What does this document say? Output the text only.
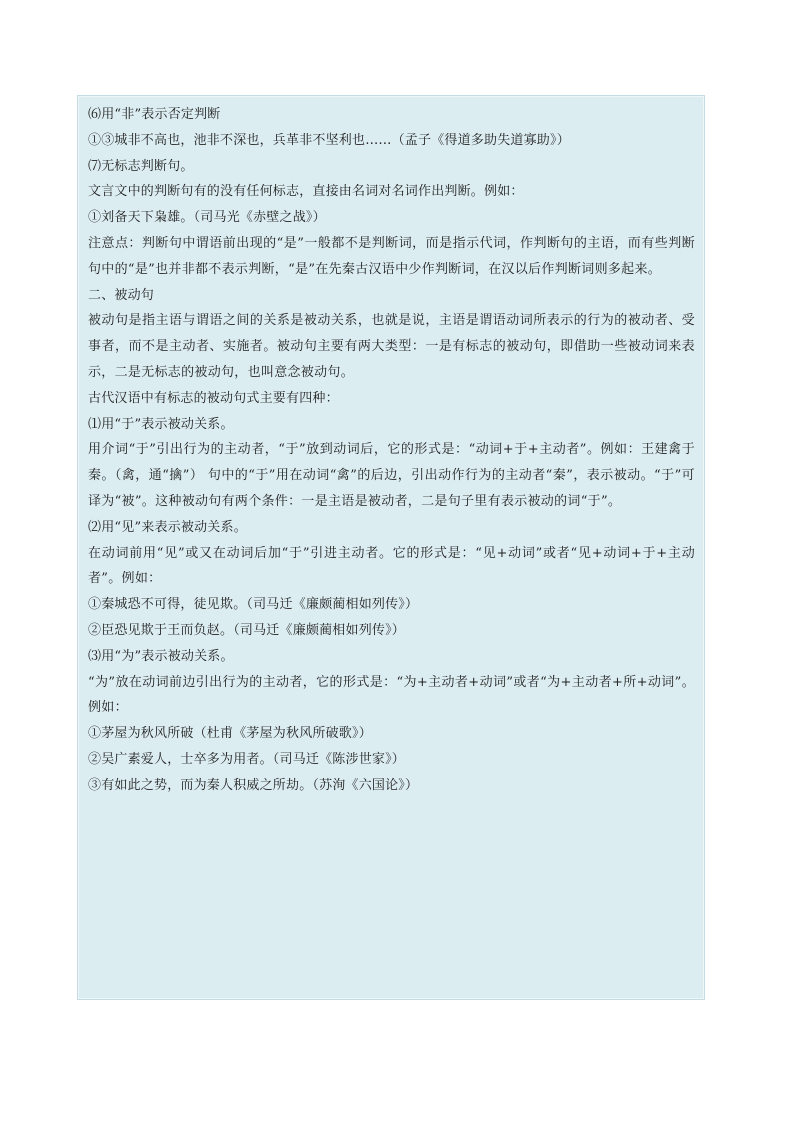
⑹用“非”表示否定判断
①③城非不高也，池非不深也，兵革非不坚利也……（孟子《得道多助失道寡助》）
⑺无标志判断句。
文言文中的判断句有的没有任何标志，直接由名词对名词作出判断。例如：
①刘备天下枭雄。（司马光《赤壁之战》）
注意点：判断句中谓语前出现的“是”一般都不是判断词，而是指示代词，作判断句的主语，而有些判断句中的“是”也并非都不表示判断，“是”在先秦古汉语中少作判断词，在汉以后作判断词则多起来。
二、被动句
被动句是指主语与谓语之间的关系是被动关系，也就是说，主语是谓语动词所表示的行为的被动者、受事者，而不是主动者、实施者。被动句主要有两大类型：一是有标志的被动句，即借助一些被动词来表示，二是无标志的被动句，也叫意念被动句。
古代汉语中有标志的被动句式主要有四种：
⑴用“于”表示被动关系。
用介词“于”引出行为的主动者，“于”放到动词后，它的形式是：“动词+于+主动者”。例如：王建禽于秦。（禽，通“擒”） 句中的“于”用在动词“禽”的后边，引出动作行为的主动者“秦”，表示被动。“于”可译为“被”。这种被动句有两个条件：一是主语是被动者，二是句子里有表示被动的词“于”。
⑵用“见”来表示被动关系。
在动词前用“见”或又在动词后加“于”引进主动者。它的形式是：“见+动词”或者“见+动词+于+主动者”。例如：
①秦城恐不可得，徒见欺。（司马迁《廉颇蔺相如列传》）
②臣恐见欺于王而负赵。（司马迁《廉颇蔺相如列传》）
⑶用“为”表示被动关系。
“为”放在动词前边引出行为的主动者，它的形式是：“为+主动者+动词”或者“为+主动者+所+动词”。例如：
①茅屋为秋风所破（杜甫《茅屋为秋风所破歌》）
②吴广素爱人，士卒多为用者。（司马迁《陈涉世家》）
③有如此之势，而为秦人积威之所劫。（苏洵《六国论》）
